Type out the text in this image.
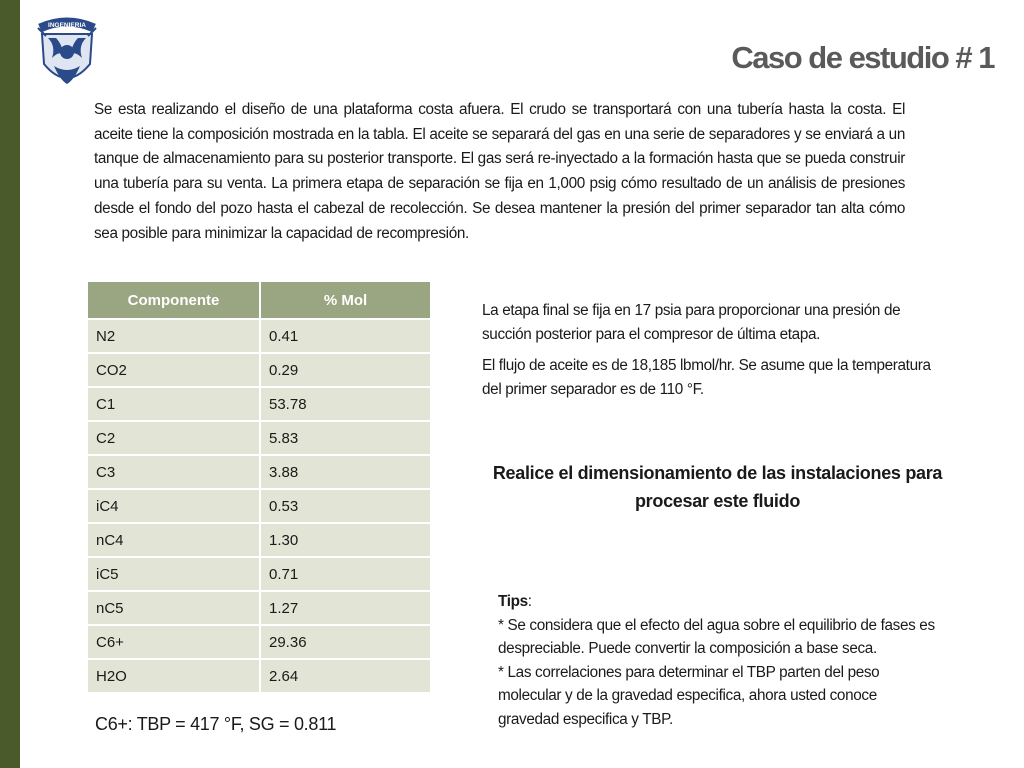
INGENIERIA
Caso de estudio # 1
Se esta realizando el diseño de una plataforma costa afuera. El crudo se transportará con una tubería hasta la costa. El aceite tiene la composición mostrada en la tabla. El aceite se separará del gas en una serie de separadores y se enviará a un tanque de almacenamiento para su posterior transporte. El gas será re-inyectado a la formación hasta que se pueda construir una tubería para su venta. La primera etapa de separación se fija en 1,000 psig cómo resultado de un análisis de presiones desde el fondo del pozo hasta el cabezal de recolección. Se desea mantener la presión del primer separador tan alta cómo sea posible para minimizar la capacidad de recompresión.
Componente	% Mol
N2	0.41
CO2	0.29
C1	53.78
C2	5.83
C3	3.88
iC4	0.53
nC4	1.30
iC5	0.71
nC5	1.27
C6+	29.36
H2O	2.64
C6+: TBP = 417 °F, SG = 0.811
La etapa final se fija en 17 psia para proporcionar una presión de succión posterior para el compresor de última etapa.
El flujo de aceite es de 18,185 lbmol/hr. Se asume que la temperatura del primer separador es de 110 °F.
Realice el dimensionamiento de las instalaciones para procesar este fluido
Tips:
* Se considera que el efecto del agua sobre el equilibrio de fases es despreciable. Puede convertir la composición a base seca.
* Las correlaciones para determinar el TBP parten del peso molecular y de la gravedad especifica, ahora usted conoce gravedad especifica y TBP.
